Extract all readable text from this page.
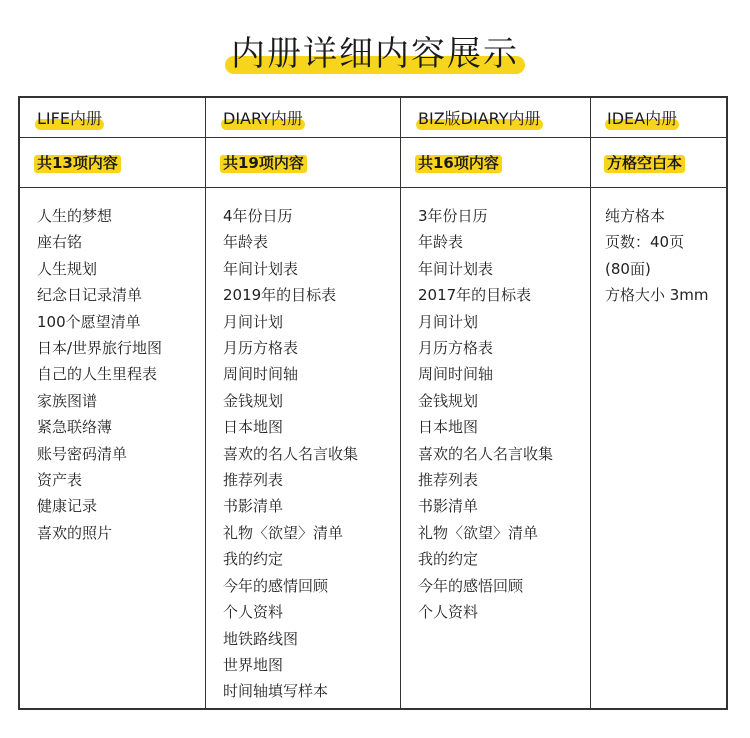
内册详细内容展示
LIFE内册
共13项内容
人生的梦想
座右铭
人生规划
纪念日记录清单
100个愿望清单
日本/世界旅行地图
自己的人生里程表
家族图谱
紧急联络薄
账号密码清单
资产表
健康记录
喜欢的照片
DIARY内册
共19项内容
4年份日历
年龄表
年间计划表
2019年的目标表
月间计划
月历方格表
周间时间轴
金钱规划
日本地图
喜欢的名人名言收集
推荐列表
书影清单
礼物〈欲望〉清单
我的约定
今年的感情回顾
个人资料
地铁路线图
世界地图
时间轴填写样本
BIZ版DIARY内册
共16项内容
3年份日历
年龄表
年间计划表
2017年的目标表
月间计划
月历方格表
周间时间轴
金钱规划
日本地图
喜欢的名人名言收集
推荐列表
书影清单
礼物〈欲望〉清单
我的约定
今年的感悟回顾
个人资料
IDEA内册
方格空白本
纯方格本
页数：40页
(80面)
方格大小 3mm
